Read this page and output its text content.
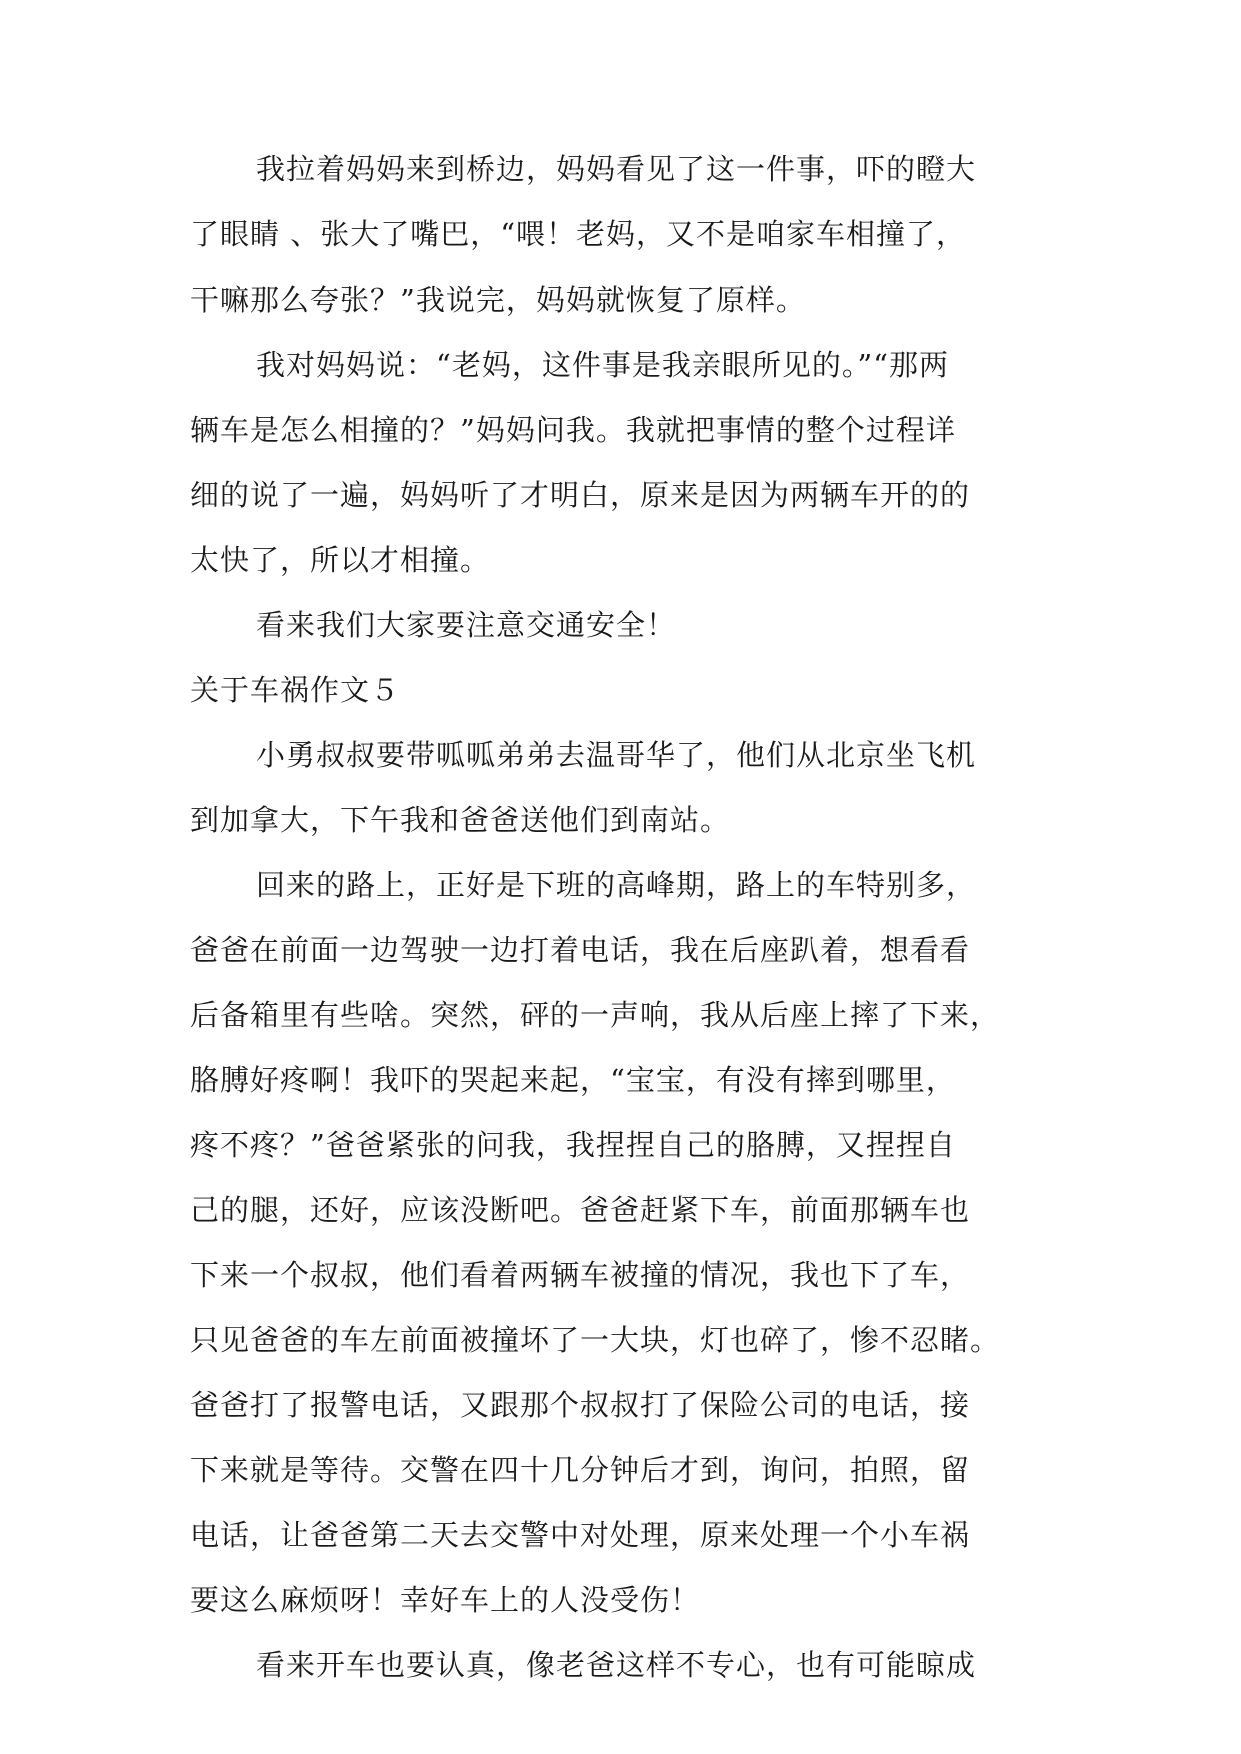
我拉着妈妈来到桥边，妈妈看见了这一件事，吓的瞪大
了眼睛 、张大了嘴巴，“喂！老妈，又不是咱家车相撞了，
干嘛那么夸张？”我说完，妈妈就恢复了原样。
我对妈妈说：“老妈，这件事是我亲眼所见的。”“那两
辆车是怎么相撞的？”妈妈问我。我就把事情的整个过程详
细的说了一遍，妈妈听了才明白，原来是因为两辆车开的的
太快了，所以才相撞。
看来我们大家要注意交通安全！
关于车祸作文５
小勇叔叔要带呱呱弟弟去温哥华了，他们从北京坐飞机
到加拿大，下午我和爸爸送他们到南站。
回来的路上，正好是下班的高峰期，路上的车特别多，
爸爸在前面一边驾驶一边打着电话，我在后座趴着，想看看
后备箱里有些啥。突然，砰的一声响，我从后座上摔了下来，
胳膊好疼啊！我吓的哭起来起，“宝宝，有没有摔到哪里，
疼不疼？”爸爸紧张的问我，我捏捏自己的胳膊，又捏捏自
己的腿，还好，应该没断吧。爸爸赶紧下车，前面那辆车也
下来一个叔叔，他们看着两辆车被撞的情况，我也下了车，
只见爸爸的车左前面被撞坏了一大块，灯也碎了，惨不忍睹。
爸爸打了报警电话，又跟那个叔叔打了保险公司的电话，接
下来就是等待。交警在四十几分钟后才到，询问，拍照，留
电话，让爸爸第二天去交警中对处理，原来处理一个小车祸
要这么麻烦呀！幸好车上的人没受伤！
看来开车也要认真，像老爸这样不专心，也有可能晾成
